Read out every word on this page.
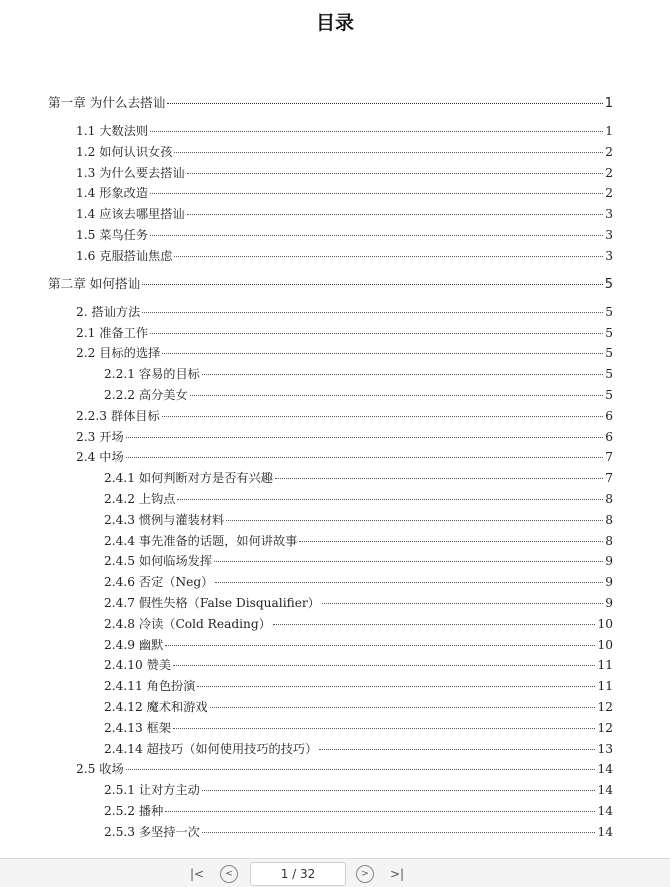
目录
第一章 为什么去搭讪	1
1.1 大数法则	1
1.2 如何认识女孩	2
1.3 为什么要去搭讪	2
1.4 形象改造	2
1.4 应该去哪里搭讪	3
1.5 菜鸟任务	3
1.6 克服搭讪焦虑	3
第二章 如何搭讪	5
2. 搭讪方法	5
2.1 准备工作	5
2.2 目标的选择	5
2.2.1 容易的目标	5
2.2.2 高分美女	5
2.2.3 群体目标	6
2.3 开场	6
2.4 中场	7
2.4.1 如何判断对方是否有兴趣	7
2.4.2 上钩点	8
2.4.3 惯例与灌装材料	8
2.4.4 事先准备的话题，如何讲故事	8
2.4.5 如何临场发挥	9
2.4.6 否定（Neg）	9
2.4.7 假性失格（False Disqualifier）	9
2.4.8 冷读（Cold Reading）	10
2.4.9 幽默	10
2.4.10 赞美	11
2.4.11 角色扮演	11
2.4.12 魔术和游戏	12
2.4.13 框架	12
2.4.14 超技巧（如何使用技巧的技巧）	13
2.5 收场	14
2.5.1 让对方主动	14
2.5.2 播种	14
2.5.3 多坚持一次	14
|< <	1 / 32	> >|
